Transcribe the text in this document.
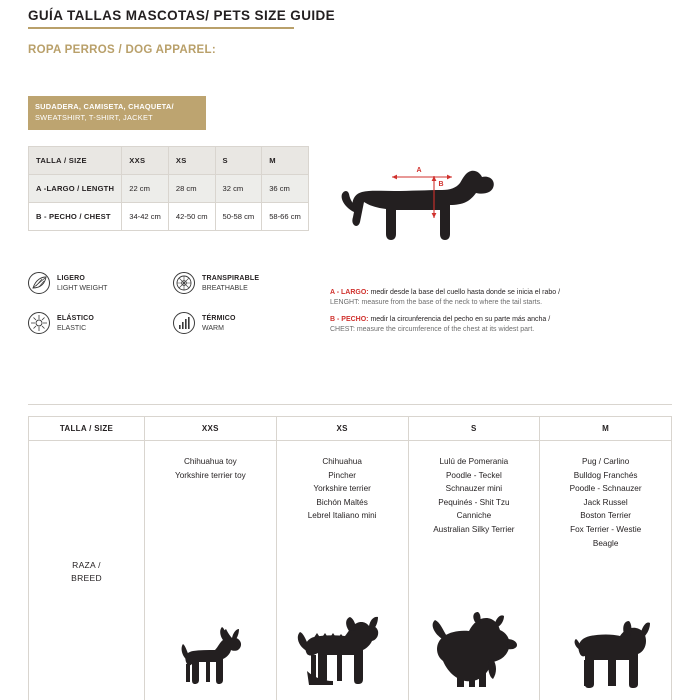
GUÍA TALLAS MASCOTAS/ PETS SIZE GUIDE
ROPA PERROS / DOG APPAREL:
SUDADERA, CAMISETA, CHAQUETA/
SWEATSHIRT, T-SHIRT, JACKET
TALLA / SIZE	XXS	XS	S	M
A -LARGO / LENGTH	22 cm	28 cm	32 cm	36 cm
B - PECHO / CHEST	34-42 cm	42-50 cm	50-58 cm	58-66 cm
LIGERO
LIGHT WEIGHT
TRANSPIRABLE
BREATHABLE
ELÁSTICO
ELASTIC
TÉRMICO
WARM
A
B

A - LARGO: medir desde la base del cuello hasta donde se inicia el rabo /
LENGHT: measure from the base of the neck to where the tail starts.

B - PECHO: medir la circunferencia del pecho en su parte más ancha /
CHEST: measure the circumference of the chest at its widest part.

TALLA / SIZE	XXS	XS	S	M

RAZA /
BREED

Chihuahua toy
Yorkshire terrier toy

Chihuahua
Pincher
Yorkshire terrier
Bichón Maltés
Lebrel Italiano mini

Lulú de Pomerania
Poodle - Teckel
Schnauzer mini
Pequinés - Shit Tzu
Canniche
Australian Silky Terrier

Pug / Carlino
Bulldog Franchés
Poodle - Schnauzer
Jack Russel
Boston Terrier
Fox Terrier - Westie
Beagle
